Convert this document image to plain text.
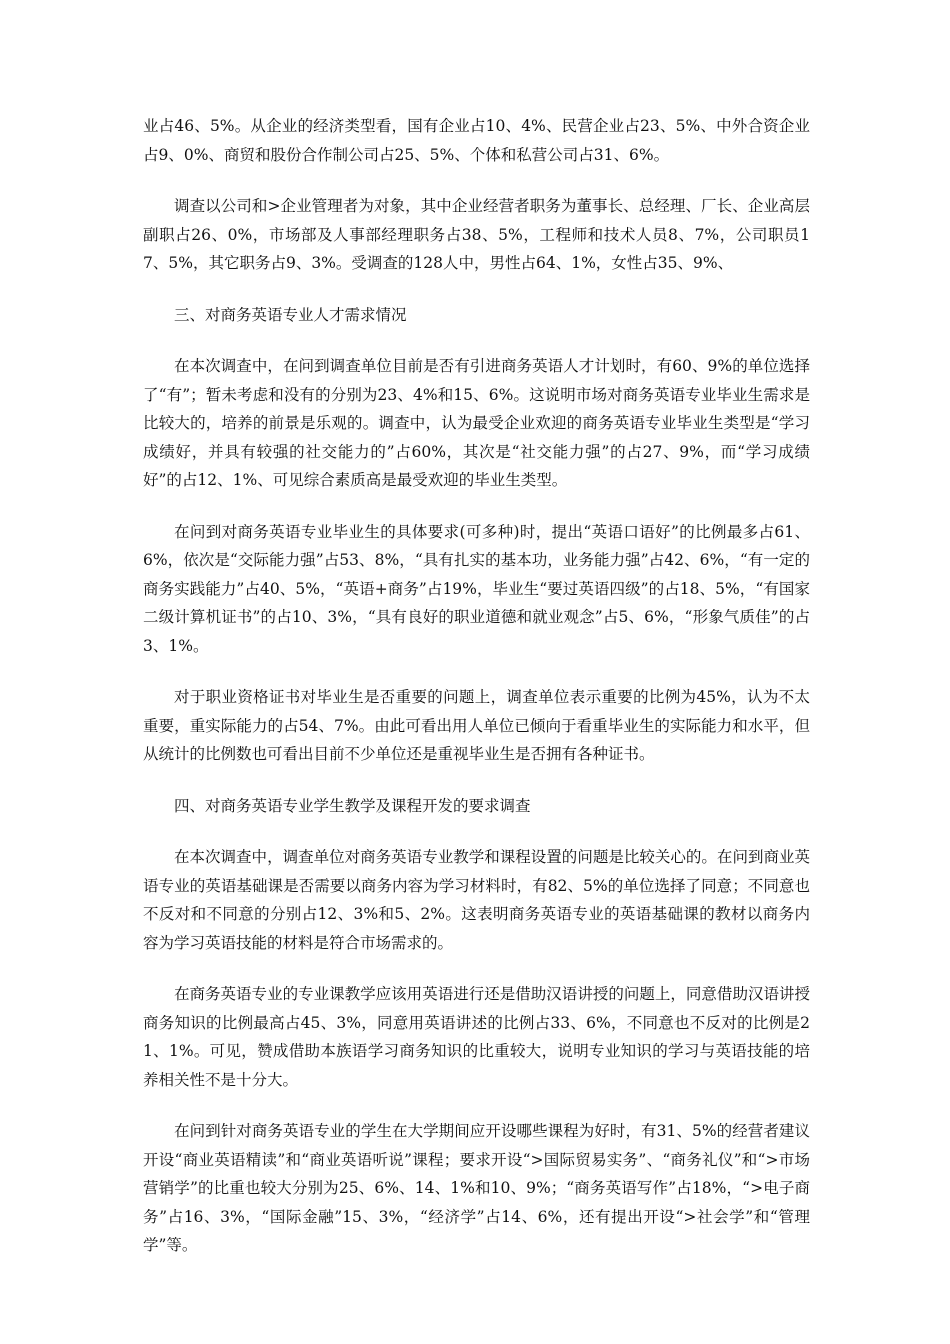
业占46、5%。从企业的经济类型看，国有企业占10、4%、民营企业占23、5%、中外合资企业占9、0%、商贸和股份合作制公司占25、5%、个体和私营公司占31、6%。

调查以公司和>企业管理者为对象，其中企业经营者职务为董事长、总经理、厂长、企业高层副职占26、0%，市场部及人事部经理职务占38、5%，工程师和技术人员8、7%，公司职员17、5%，其它职务占9、3%。受调查的128人中，男性占64、1%，女性占35、9%、

三、对商务英语专业人才需求情况

在本次调查中，在问到调查单位目前是否有引进商务英语人才计划时，有60、9%的单位选择了“有”；暂未考虑和没有的分别为23、4%和15、6%。这说明市场对商务英语专业毕业生需求是比较大的，培养的前景是乐观的。调查中，认为最受企业欢迎的商务英语专业毕业生类型是“学习成绩好，并具有较强的社交能力的”占60%，其次是“社交能力强”的占27、9%，而“学习成绩好”的占12、1%、可见综合素质高是最受欢迎的毕业生类型。

在问到对商务英语专业毕业生的具体要求(可多种)时，提出“英语口语好”的比例最多占61、6%，依次是“交际能力强”占53、8%，“具有扎实的基本功，业务能力强”占42、6%，“有一定的商务实践能力”占40、5%，“英语+商务”占19%，毕业生“要过英语四级”的占18、5%，“有国家二级计算机证书”的占10、3%，“具有良好的职业道德和就业观念”占5、6%，“形象气质佳”的占3、1%。

对于职业资格证书对毕业生是否重要的问题上，调查单位表示重要的比例为45%，认为不太重要，重实际能力的占54、7%。由此可看出用人单位已倾向于看重毕业生的实际能力和水平，但从统计的比例数也可看出目前不少单位还是重视毕业生是否拥有各种证书。

四、对商务英语专业学生教学及课程开发的要求调查

在本次调查中，调查单位对商务英语专业教学和课程设置的问题是比较关心的。在问到商业英语专业的英语基础课是否需要以商务内容为学习材料时，有82、5%的单位选择了同意；不同意也不反对和不同意的分别占12、3%和5、2%。这表明商务英语专业的英语基础课的教材以商务内容为学习英语技能的材料是符合市场需求的。

在商务英语专业的专业课教学应该用英语进行还是借助汉语讲授的问题上，同意借助汉语讲授商务知识的比例最高占45、3%，同意用英语讲述的比例占33、6%，不同意也不反对的比例是21、1%。可见，赞成借助本族语学习商务知识的比重较大，说明专业知识的学习与英语技能的培养相关性不是十分大。

在问到针对商务英语专业的学生在大学期间应开设哪些课程为好时，有31、5%的经营者建议开设“商业英语精读”和“商业英语听说”课程；要求开设“>国际贸易实务”、“商务礼仪”和“>市场营销学”的比重也较大分别为25、6%、14、1%和10、9%；“商务英语写作”占18%，“>电子商务”占16、3%，“国际金融”15、3%，“经济学”占14、6%，还有提出开设“>社会学”和“管理学”等。
